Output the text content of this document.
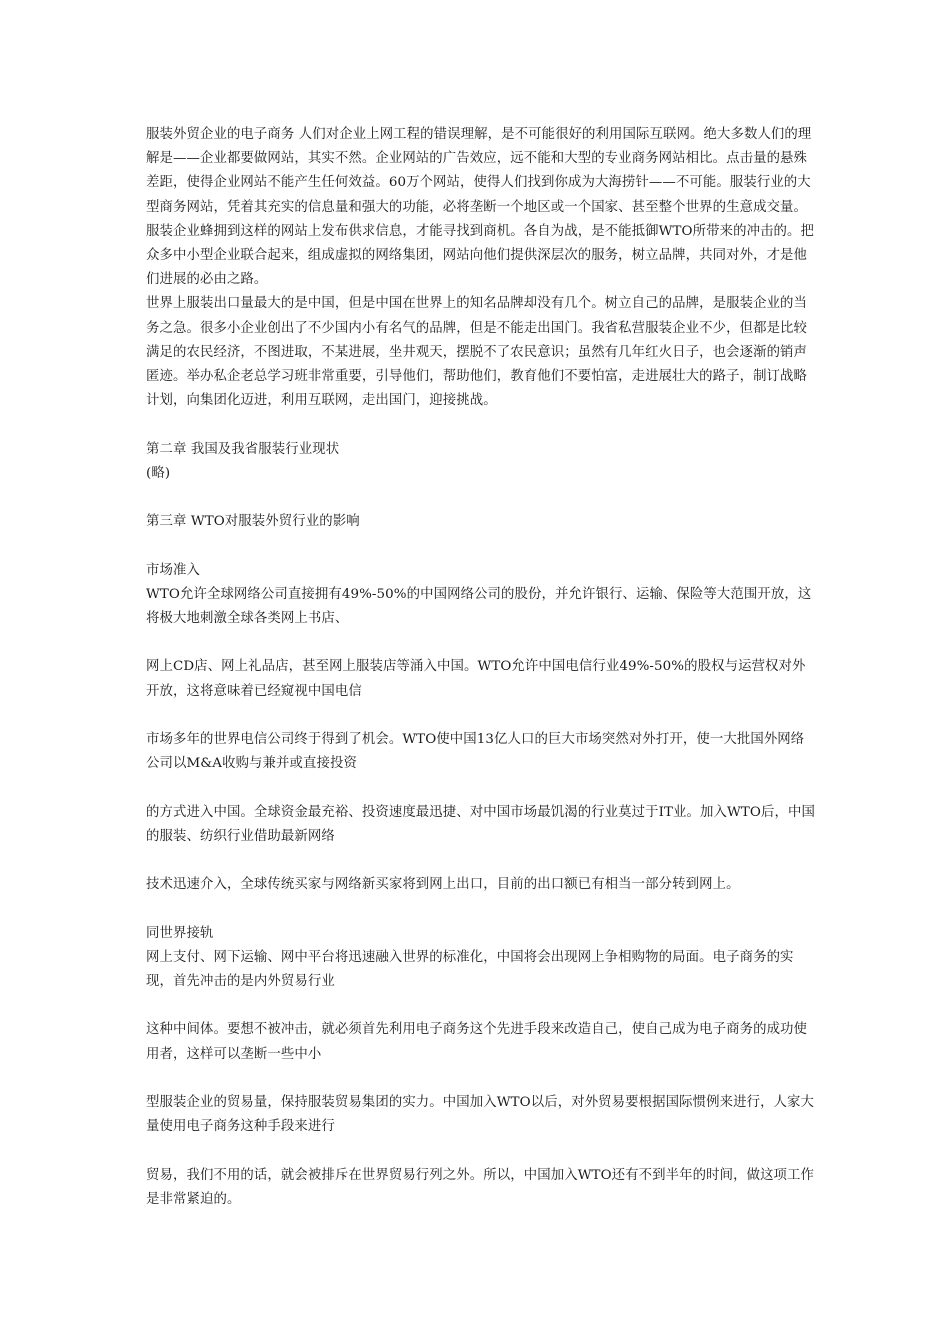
服装外贸企业的电子商务 人们对企业上网工程的错误理解，是不可能很好的利用国际互联网。绝大多数人们的理解是——企业都要做网站，其实不然。企业网站的广告效应，远不能和大型的专业商务网站相比。点击量的悬殊差距，使得企业网站不能产生任何效益。60万个网站，使得人们找到你成为大海捞针——不可能。服装行业的大型商务网站，凭着其充实的信息量和强大的功能，必将垄断一个地区或一个国家、甚至整个世界的生意成交量。服装企业蜂拥到这样的网站上发布供求信息，才能寻找到商机。各自为战，是不能抵御WTO所带来的冲击的。把众多中小型企业联合起来，组成虚拟的网络集团，网站向他们提供深层次的服务，树立品牌，共同对外，才是他们进展的必由之路。

世界上服装出口量最大的是中国，但是中国在世界上的知名品牌却没有几个。树立自己的品牌，是服装企业的当务之急。很多小企业创出了不少国内小有名气的品牌，但是不能走出国门。我省私营服装企业不少，但都是比较满足的农民经济，不图进取，不某进展，坐井观天，摆脱不了农民意识；虽然有几年红火日子，也会逐渐的销声匿迹。举办私企老总学习班非常重要，引导他们，帮助他们，教育他们不要怕富，走进展壮大的路子，制订战略计划，向集团化迈进，利用互联网，走出国门，迎接挑战。

第二章 我国及我省服装行业现状

(略)

第三章 WTO对服装外贸行业的影响

市场准入

WTO允许全球网络公司直接拥有49%-50%的中国网络公司的股份，并允许银行、运输、保险等大范围开放，这将极大地刺激全球各类网上书店、

网上CD店、网上礼品店，甚至网上服装店等涌入中国。WTO允许中国电信行业49%-50%的股权与运营权对外开放，这将意味着已经窥视中国电信

市场多年的世界电信公司终于得到了机会。WTO使中国13亿人口的巨大市场突然对外打开，使一大批国外网络公司以M&A收购与兼并或直接投资

的方式进入中国。全球资金最充裕、投资速度最迅捷、对中国市场最饥渴的行业莫过于IT业。加入WTO后，中国的服装、纺织行业借助最新网络

技术迅速介入，全球传统买家与网络新买家将到网上出口，目前的出口额已有相当一部分转到网上。

同世界接轨

网上支付、网下运输、网中平台将迅速融入世界的标准化，中国将会出现网上争相购物的局面。电子商务的实现，首先冲击的是内外贸易行业

这种中间体。要想不被冲击，就必须首先利用电子商务这个先进手段来改造自己，使自己成为电子商务的成功使用者，这样可以垄断一些中小

型服装企业的贸易量，保持服装贸易集团的实力。中国加入WTO以后，对外贸易要根据国际惯例来进行，人家大量使用电子商务这种手段来进行

贸易，我们不用的话，就会被排斥在世界贸易行列之外。所以，中国加入WTO还有不到半年的时间，做这项工作是非常紧迫的。
